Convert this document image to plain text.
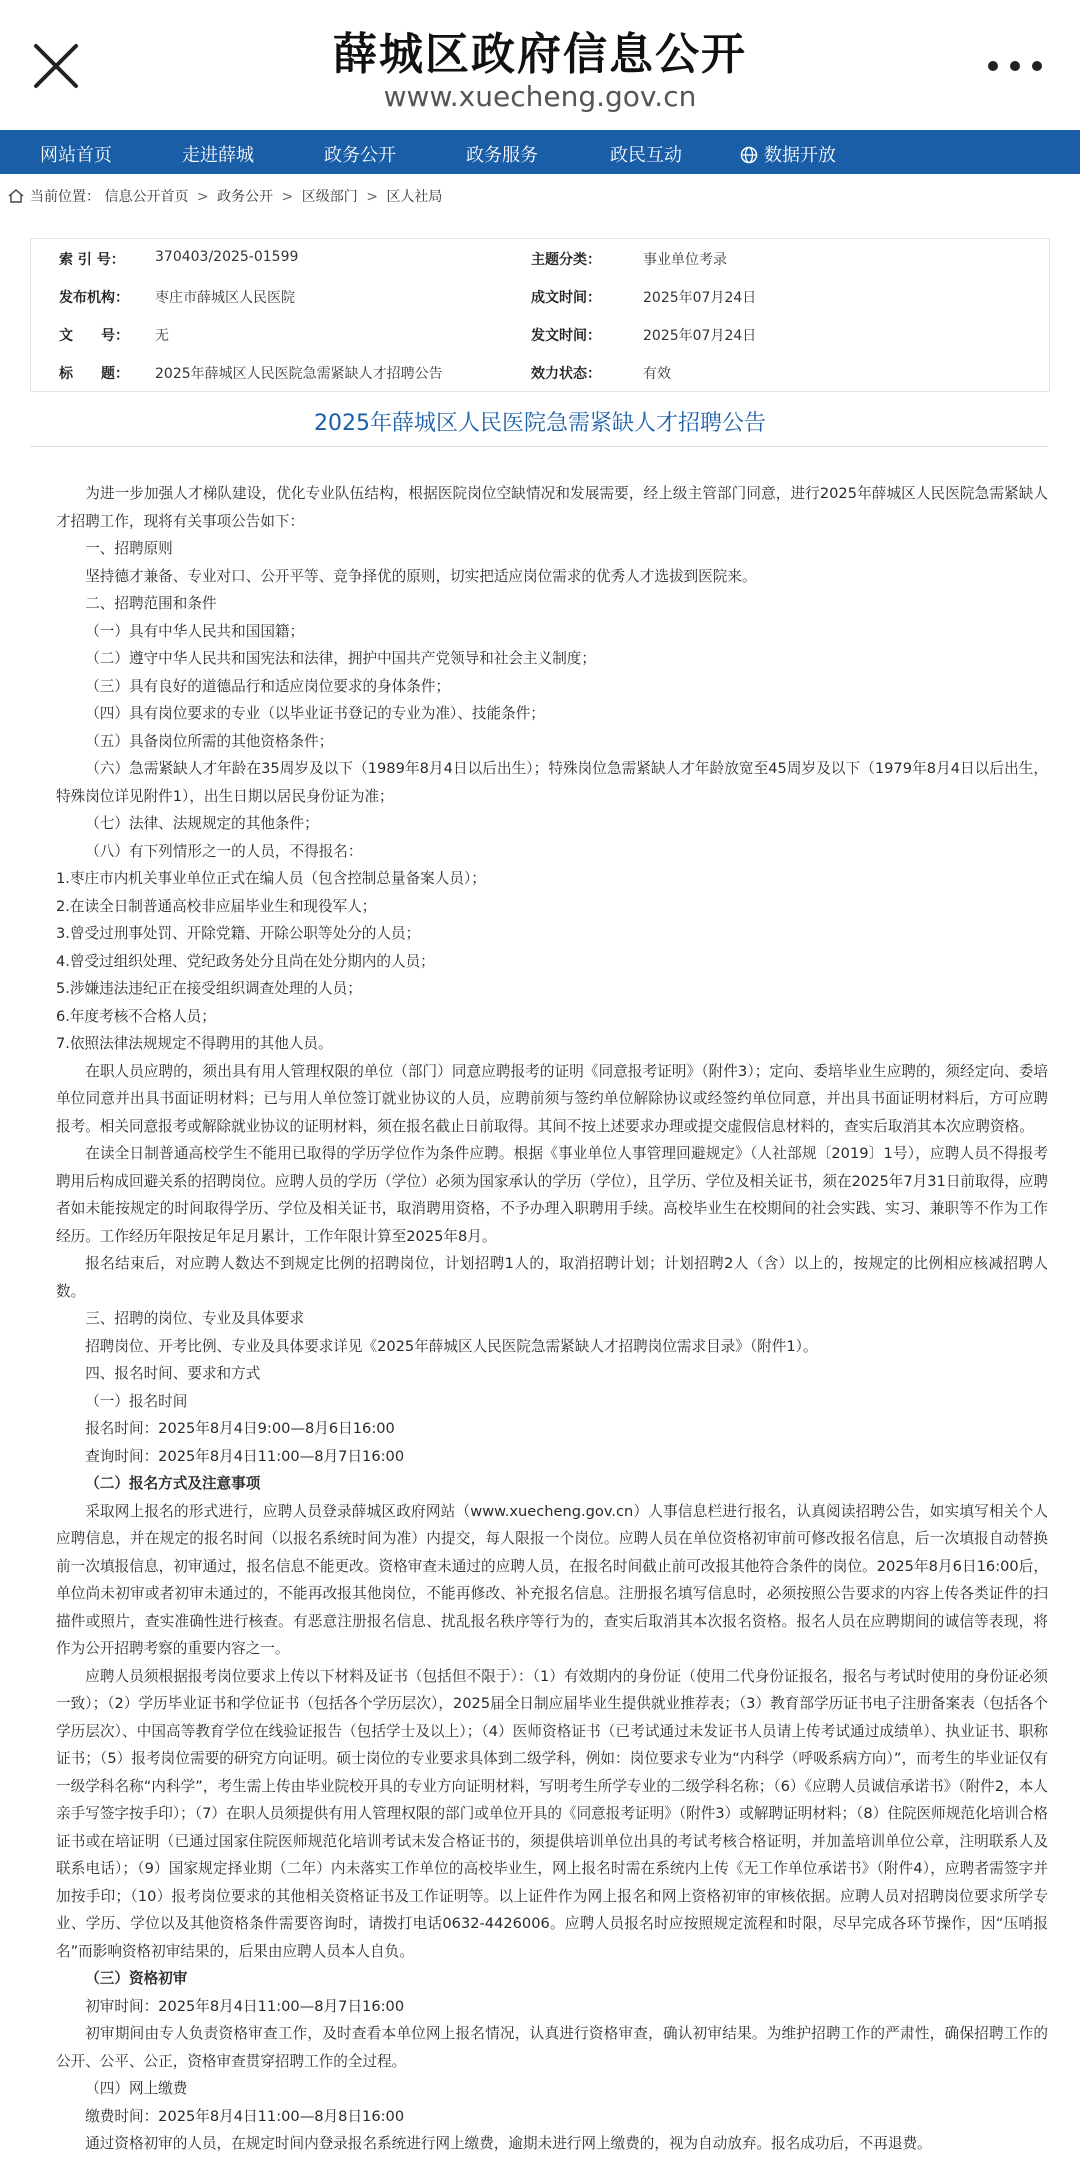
薛城区政府信息公开
www.xuecheng.gov.cn
网站首页	走进薛城	政务公开	政务服务	政民互动	数据开放
当前位置： 信息公开首页 > 政务公开 > 区级部门 > 区人社局
索 引 号： 370403/2025-01599	主题分类：	事业单位考录
发布机构： 枣庄市薛城区人民医院	成文时间：	2025年07月24日
文　　号： 无	发文时间：	2025年07月24日
标　　题： 2025年薛城区人民医院急需紧缺人才招聘公告	效力状态：	有效
2025年薛城区人民医院急需紧缺人才招聘公告

为进一步加强人才梯队建设，优化专业队伍结构，根据医院岗位空缺情况和发展需要，经上级主管部门同意，进行2025年薛城区人民医院急需紧缺人才招聘工作，现将有关事项公告如下：

一、招聘原则

坚持德才兼备、专业对口、公开平等、竞争择优的原则，切实把适应岗位需求的优秀人才选拔到医院来。

二、招聘范围和条件

（一）具有中华人民共和国国籍；

（二）遵守中华人民共和国宪法和法律，拥护中国共产党领导和社会主义制度；

（三）具有良好的道德品行和适应岗位要求的身体条件；

（四）具有岗位要求的专业（以毕业证书登记的专业为准）、技能条件；

（五）具备岗位所需的其他资格条件；

（六）急需紧缺人才年龄在35周岁及以下（1989年8月4日以后出生）；特殊岗位急需紧缺人才年龄放宽至45周岁及以下（1979年8月4日以后出生，特殊岗位详见附件1），出生日期以居民身份证为准；

（七）法律、法规规定的其他条件；

（八）有下列情形之一的人员，不得报名：

1.枣庄市内机关事业单位正式在编人员（包含控制总量备案人员）；

2.在读全日制普通高校非应届毕业生和现役军人；

3.曾受过刑事处罚、开除党籍、开除公职等处分的人员；

4.曾受过组织处理、党纪政务处分且尚在处分期内的人员；

5.涉嫌违法违纪正在接受组织调查处理的人员；

6.年度考核不合格人员；

7.依照法律法规规定不得聘用的其他人员。

在职人员应聘的，须出具有用人管理权限的单位（部门）同意应聘报考的证明《同意报考证明》（附件3）；定向、委培毕业生应聘的，须经定向、委培单位同意并出具书面证明材料；已与用人单位签订就业协议的人员，应聘前须与签约单位解除协议或经签约单位同意，并出具书面证明材料后，方可应聘报考。相关同意报考或解除就业协议的证明材料，须在报名截止日前取得。其间不按上述要求办理或提交虚假信息材料的，查实后取消其本次应聘资格。

在读全日制普通高校学生不能用已取得的学历学位作为条件应聘。根据《事业单位人事管理回避规定》（人社部规〔2019〕1号），应聘人员不得报考聘用后构成回避关系的招聘岗位。应聘人员的学历（学位）必须为国家承认的学历（学位），且学历、学位及相关证书，须在2025年7月31日前取得，应聘者如未能按规定的时间取得学历、学位及相关证书，取消聘用资格，不予办理入职聘用手续。高校毕业生在校期间的社会实践、实习、兼职等不作为工作经历。工作经历年限按足年足月累计，工作年限计算至2025年8月。

报名结束后，对应聘人数达不到规定比例的招聘岗位，计划招聘1人的，取消招聘计划；计划招聘2人（含）以上的，按规定的比例相应核减招聘人数。

三、招聘的岗位、专业及具体要求

招聘岗位、开考比例、专业及具体要求详见《2025年薛城区人民医院急需紧缺人才招聘岗位需求目录》（附件1）。

四、报名时间、要求和方式

（一）报名时间

报名时间：2025年8月4日9:00—8月6日16:00

查询时间：2025年8月4日11:00—8月7日16:00

（二）报名方式及注意事项

采取网上报名的形式进行，应聘人员登录薛城区政府网站（www.xuecheng.gov.cn）人事信息栏进行报名，认真阅读招聘公告，如实填写相关个人应聘信息，并在规定的报名时间（以报名系统时间为准）内提交，每人限报一个岗位。应聘人员在单位资格初审前可修改报名信息，后一次填报自动替换前一次填报信息，初审通过，报名信息不能更改。资格审查未通过的应聘人员，在报名时间截止前可改报其他符合条件的岗位。2025年8月6日16:00后，单位尚未初审或者初审未通过的，不能再改报其他岗位，不能再修改、补充报名信息。注册报名填写信息时，必须按照公告要求的内容上传各类证件的扫描件或照片，查实准确性进行核查。有恶意注册报名信息、扰乱报名秩序等行为的，查实后取消其本次报名资格。报名人员在应聘期间的诚信等表现，将作为公开招聘考察的重要内容之一。

应聘人员须根据报考岗位要求上传以下材料及证书（包括但不限于）：（1）有效期内的身份证（使用二代身份证报名，报名与考试时使用的身份证必须一致）；（2）学历毕业证书和学位证书（包括各个学历层次），2025届全日制应届毕业生提供就业推荐表；（3）教育部学历证书电子注册备案表（包括各个学历层次）、中国高等教育学位在线验证报告（包括学士及以上）；（4）医师资格证书（已考试通过未发证书人员请上传考试通过成绩单）、执业证书、职称证书；（5）报考岗位需要的研究方向证明。硕士岗位的专业要求具体到二级学科，例如：岗位要求专业为“内科学（呼吸系病方向）”，而考生的毕业证仅有一级学科名称“内科学”，考生需上传由毕业院校开具的专业方向证明材料，写明考生所学专业的二级学科名称；（6）《应聘人员诚信承诺书》（附件2，本人亲手写签字按手印）；（7）在职人员须提供有用人管理权限的部门或单位开具的《同意报考证明》（附件3）或解聘证明材料；（8）住院医师规范化培训合格证书或在培证明（已通过国家住院医师规范化培训考试未发合格证书的，须提供培训单位出具的考试考核合格证明，并加盖培训单位公章，注明联系人及联系电话）；（9）国家规定择业期（二年）内未落实工作单位的高校毕业生，网上报名时需在系统内上传《无工作单位承诺书》（附件4），应聘者需签字并加按手印；（10）报考岗位要求的其他相关资格证书及工作证明等。以上证件作为网上报名和网上资格初审的审核依据。应聘人员对招聘岗位要求所学专业、学历、学位以及其他资格条件需要咨询时，请拨打电话0632-4426006。应聘人员报名时应按照规定流程和时限，尽早完成各环节操作，因“压哨报名”而影响资格初审结果的，后果由应聘人员本人自负。

（三）资格初审

初审时间：2025年8月4日11:00—8月7日16:00

初审期间由专人负责资格审查工作，及时查看本单位网上报名情况，认真进行资格审查，确认初审结果。为维护招聘工作的严肃性，确保招聘工作的公开、公平、公正，资格审查贯穿招聘工作的全过程。

（四）网上缴费

缴费时间：2025年8月4日11:00—8月8日16:00

通过资格初审的人员，在规定时间内登录报名系统进行网上缴费，逾期未进行网上缴费的，视为自动放弃。报名成功后，不再退费。
